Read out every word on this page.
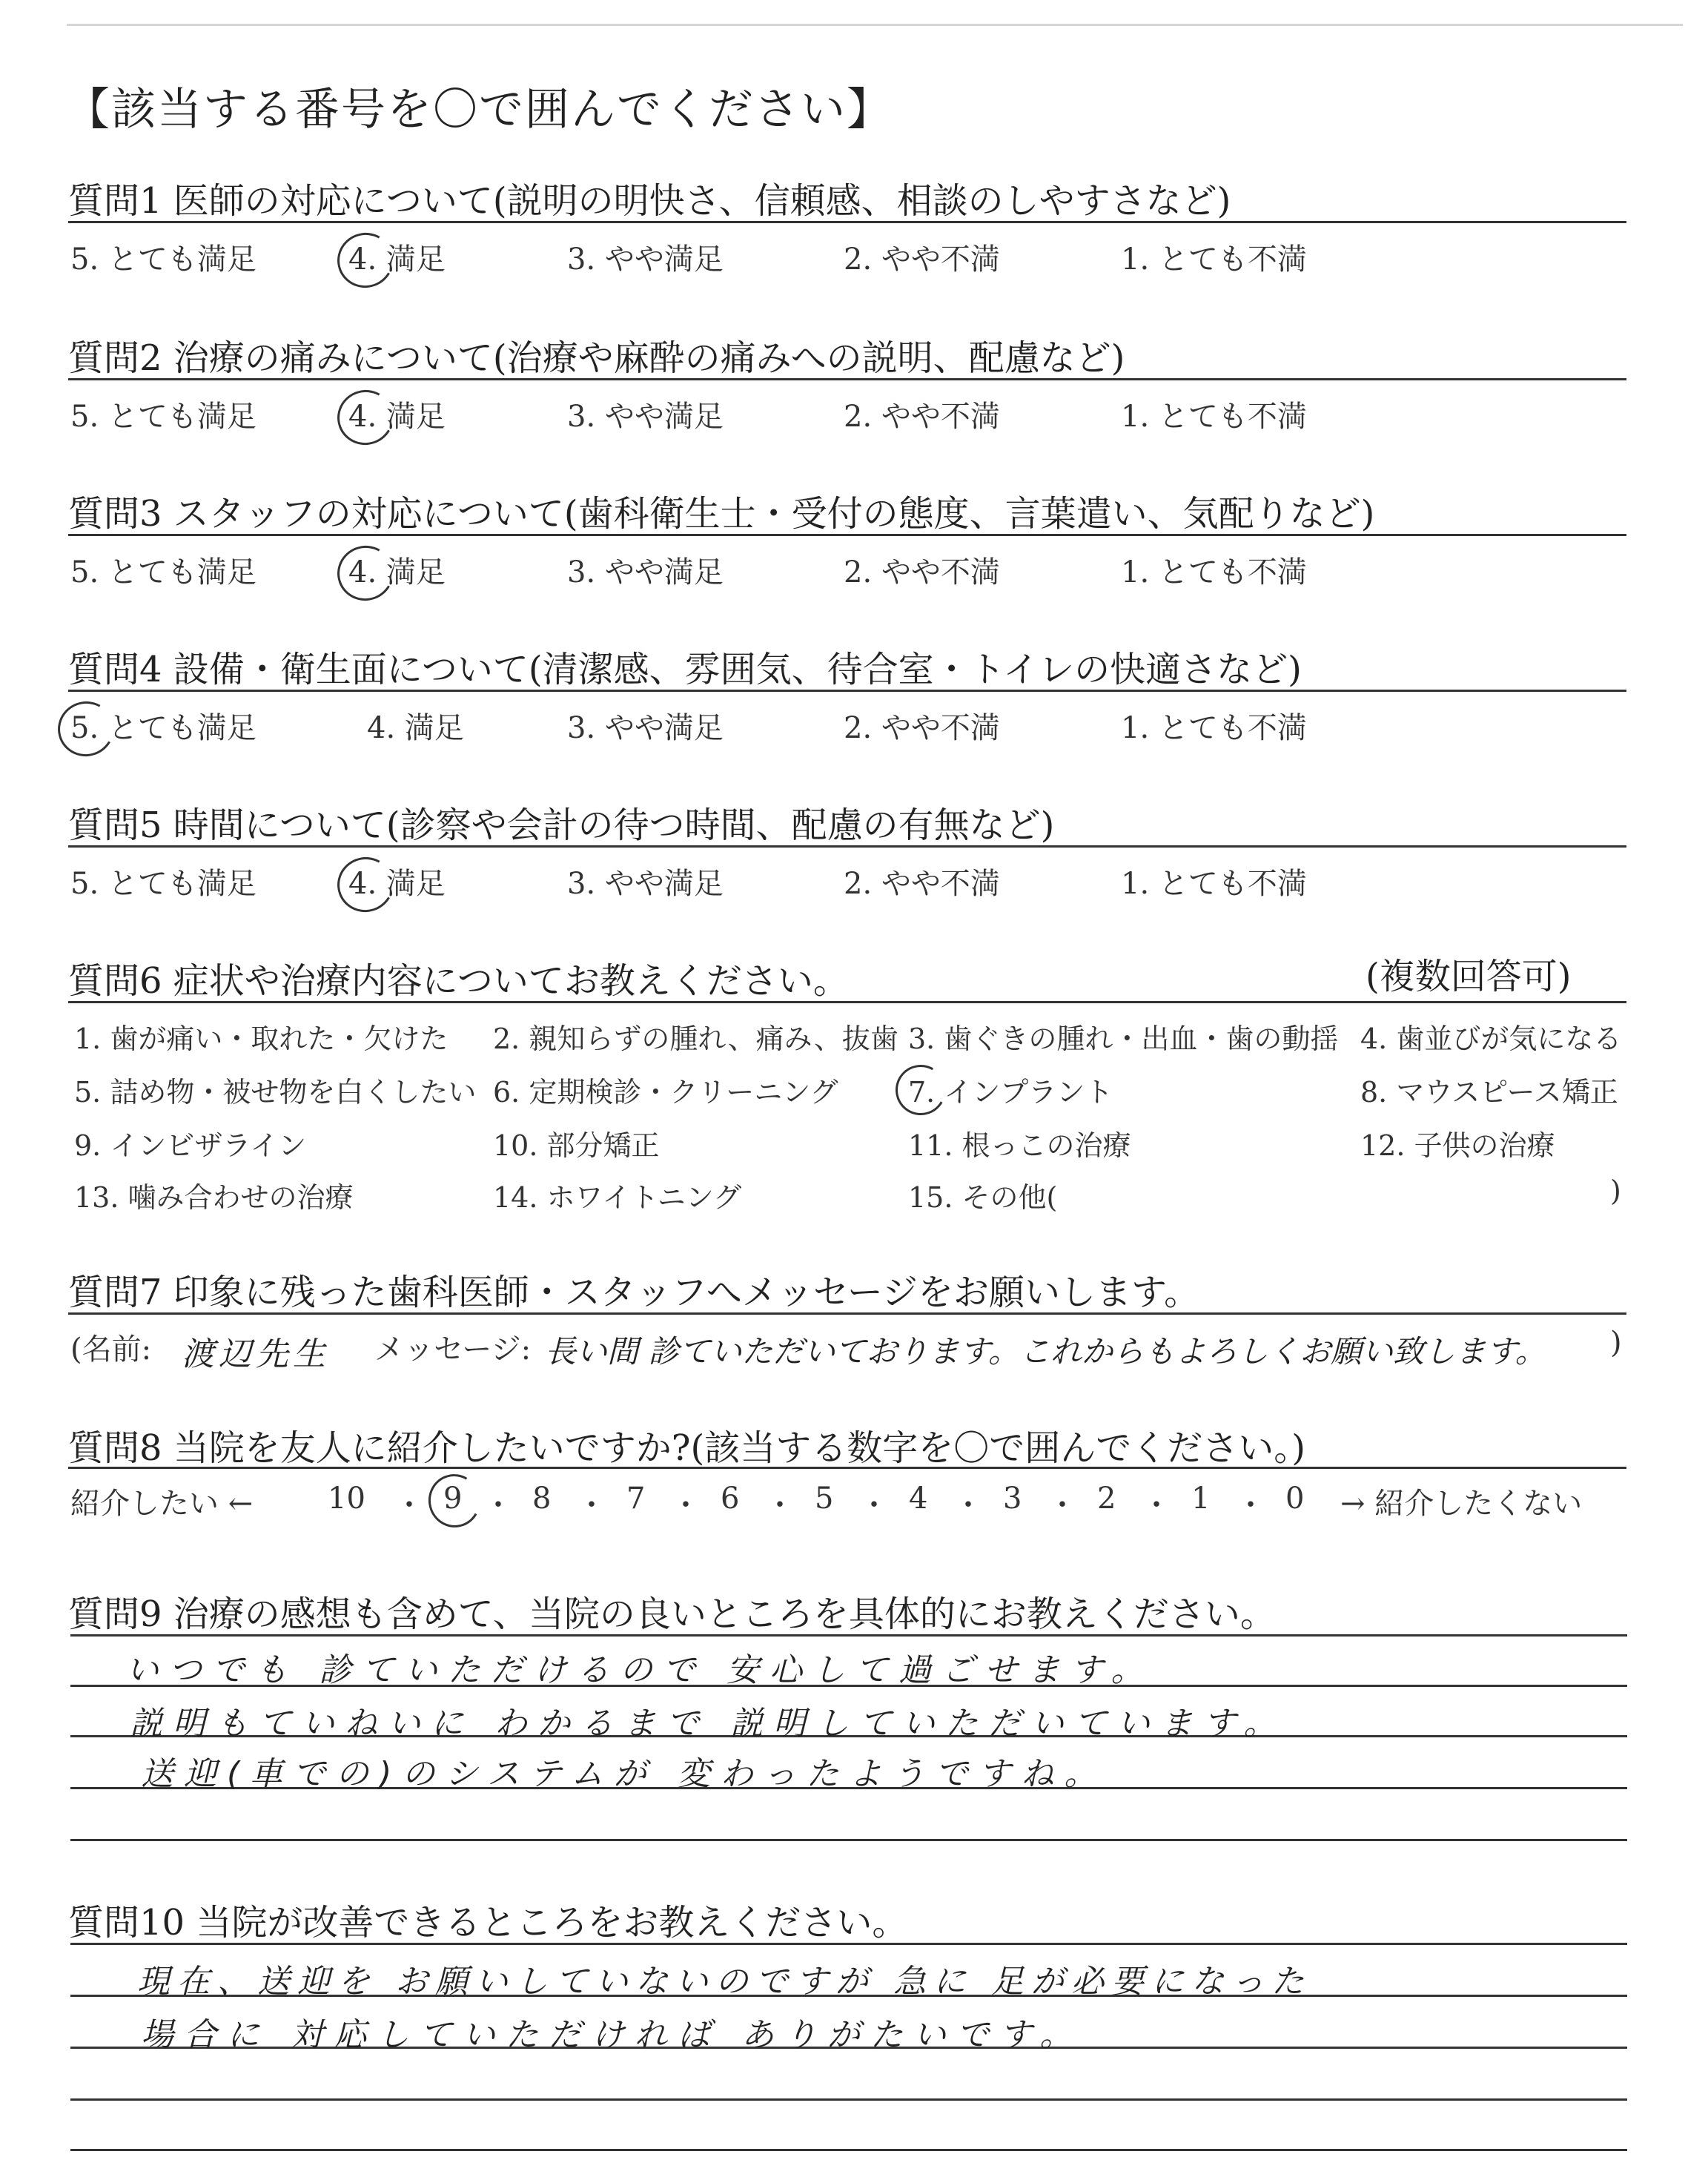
【該当する番号を〇で囲んでください】
質問1 医師の対応について(説明の明快さ、信頼感、相談のしやすさなど)
5. とても満足	4. 満足	3. やや満足	2. やや不満	1. とても不満
質問2 治療の痛みについて(治療や麻酔の痛みへの説明、配慮など)
5. とても満足	4. 満足	3. やや満足	2. やや不満	1. とても不満
質問3 スタッフの対応について(歯科衛生士・受付の態度、言葉遣い、気配りなど)
5. とても満足	4. 満足	3. やや満足	2. やや不満	1. とても不満
質問4 設備・衛生面について(清潔感、雰囲気、待合室・トイレの快適さなど)
5. とても満足	4. 満足	3. やや満足	2. やや不満	1. とても不満
質問5 時間について(診察や会計の待つ時間、配慮の有無など)
5. とても満足	4. 満足	3. やや満足	2. やや不満	1. とても不満
質問6 症状や治療内容についてお教えください。	(複数回答可)
1. 歯が痛い・取れた・欠けた 2. 親知らずの腫れ、痛み、抜歯 3. 歯ぐきの腫れ・出血・歯の動揺 4. 歯並びが気になる
5. 詰め物・被せ物を白くしたい 6. 定期検診・クリーニング 7. インプラント	8. マウスピース矯正
9. インビザライン	10. 部分矯正	11. 根っこの治療	12. 子供の治療
13. 噛み合わせの治療	14. ホワイトニング	15. その他(	)
質問7 印象に残った歯科医師・スタッフへメッセージをお願いします。
(名前: 渡辺先生 メッセージ: 長い間 診ていただいております。これからもよろしくお願い致します。 )
質問8 当院を友人に紹介したいですか?(該当する数字を〇で囲んでください。)
紹介したい ←	→ 紹介したくない
10 ・ 9 ・ 8 ・ 7 ・ 6 ・ 5 ・ 4 ・ 3 ・ 2 ・ 1 ・ 0
質問9 治療の感想も含めて、当院の良いところを具体的にお教えください。
いつでも 診ていただけるので 安心して過ごせます。
説明もていねいに わかるまで 説明していただいています。
送迎(車での)のシステムが 変わったようですね。
質問10 当院が改善できるところをお教えください。
現在、送迎を お願いしていないのですが 急に 足が必要になった
場合に 対応していただければ ありがたいです。
